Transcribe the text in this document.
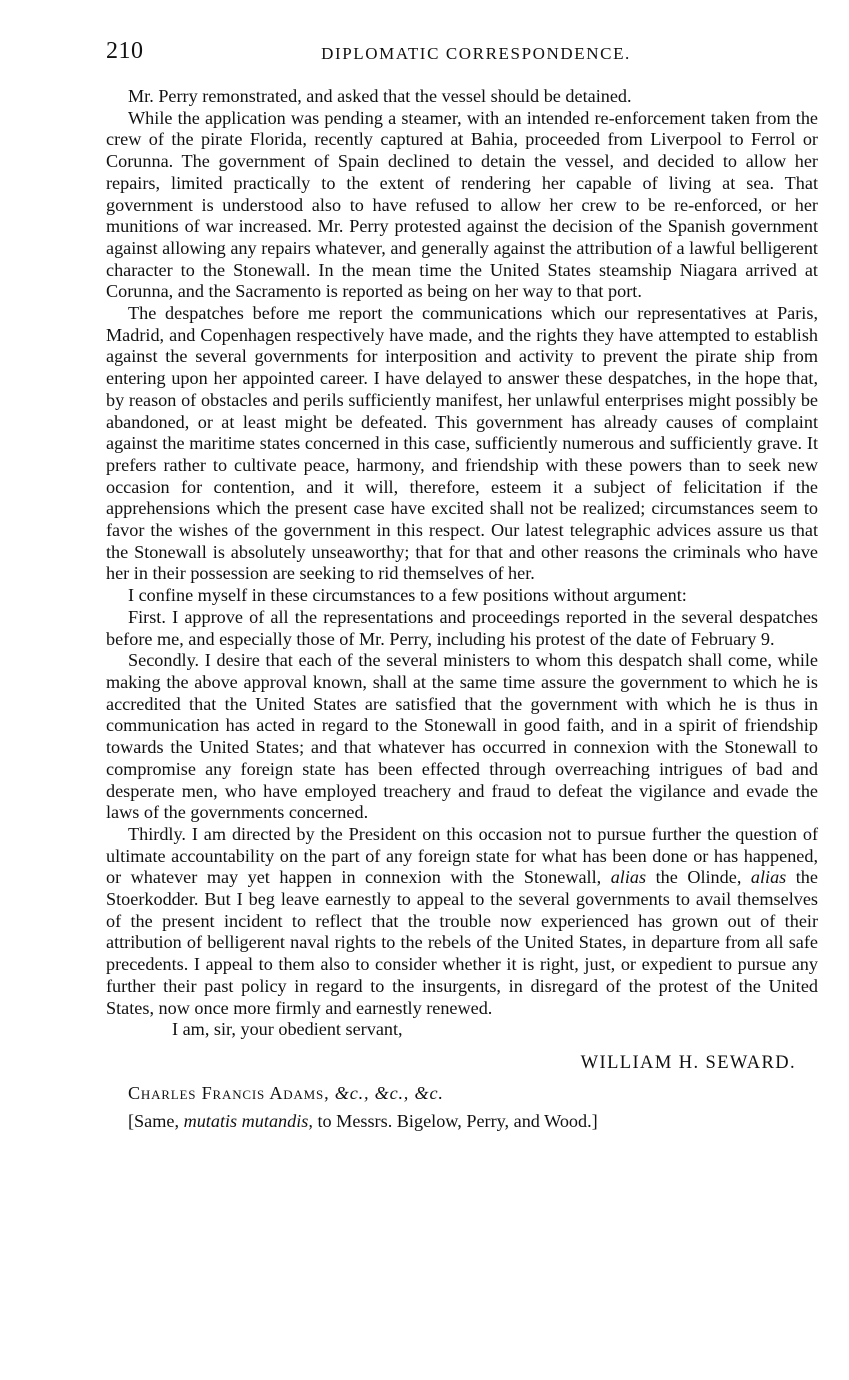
210	DIPLOMATIC CORRESPONDENCE.

Mr. Perry remonstrated, and asked that the vessel should be detained.

While the application was pending a steamer, with an intended re-enforcement taken from the crew of the pirate Florida, recently captured at Bahia, proceeded from Liverpool to Ferrol or Corunna. The government of Spain declined to detain the vessel, and decided to allow her repairs, limited practically to the extent of rendering her capable of living at sea. That government is understood also to have refused to allow her crew to be re-enforced, or her munitions of war increased. Mr. Perry protested against the decision of the Spanish government against allowing any repairs whatever, and generally against the attribution of a lawful belligerent character to the Stonewall. In the mean time the United States steamship Niagara arrived at Corunna, and the Sacramento is reported as being on her way to that port.

The despatches before me report the communications which our representatives at Paris, Madrid, and Copenhagen respectively have made, and the rights they have attempted to establish against the several governments for interposition and activity to prevent the pirate ship from entering upon her appointed career. I have delayed to answer these despatches, in the hope that, by reason of obstacles and perils sufficiently manifest, her unlawful enterprises might possibly be abandoned, or at least might be defeated. This government has already causes of complaint against the maritime states concerned in this case, sufficiently numerous and sufficiently grave. It prefers rather to cultivate peace, harmony, and friendship with these powers than to seek new occasion for contention, and it will, therefore, esteem it a subject of felicitation if the apprehensions which the present case have excited shall not be realized; circumstances seem to favor the wishes of the government in this respect. Our latest telegraphic advices assure us that the Stonewall is absolutely unseaworthy; that for that and other reasons the criminals who have her in their possession are seeking to rid themselves of her.

I confine myself in these circumstances to a few positions without argument:

First. I approve of all the representations and proceedings reported in the several despatches before me, and especially those of Mr. Perry, including his protest of the date of February 9.

Secondly. I desire that each of the several ministers to whom this despatch shall come, while making the above approval known, shall at the same time assure the government to which he is accredited that the United States are satisfied that the government with which he is thus in communication has acted in regard to the Stonewall in good faith, and in a spirit of friendship towards the United States; and that whatever has occurred in connexion with the Stonewall to compromise any foreign state has been effected through overreaching intrigues of bad and desperate men, who have employed treachery and fraud to defeat the vigilance and evade the laws of the governments concerned.

Thirdly. I am directed by the President on this occasion not to pursue further the question of ultimate accountability on the part of any foreign state for what has been done or has happened, or whatever may yet happen in connexion with the Stonewall, alias the Olinde, alias the Stoerkodder. But I beg leave earnestly to appeal to the several governments to avail themselves of the present incident to reflect that the trouble now experienced has grown out of their attribution of belligerent naval rights to the rebels of the United States, in departure from all safe precedents. I appeal to them also to consider whether it is right, just, or expedient to pursue any further their past policy in regard to the insurgents, in disregard of the protest of the United States, now once more firmly and earnestly renewed.

I am, sir, your obedient servant,

WILLIAM H. SEWARD.

Charles Francis Adams, &c., &c., &c.

[Same, mutatis mutandis, to Messrs. Bigelow, Perry, and Wood.]
